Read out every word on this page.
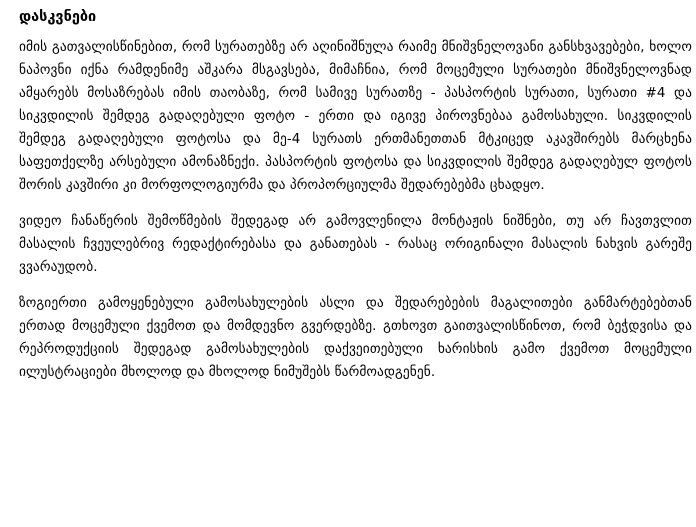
დასკვნები

იმის გათვალისწინებით, რომ სურათებზე არ აღინიშნულა რაიმე მნიშვნელოვანი განსხვავებები, ხოლო ნაპოვნი იქნა რამდენიმე აშკარა მსგავსება, მიმაჩნია, რომ მოცემული სურათები მნიშვნელოვნად ამყარებს მოსაზრებას იმის თაობაზე, რომ სამივე სურათზე - პასპორტის სურათი, სურათი #4 და სიკვდილის შემდეგ გადაღებული ფოტო - ერთი და იგივე პიროვნებაა გამოსახული. სიკვდილის შემდეგ გადაღებული ფოტოსა და მე-4 სურათს ერთმანეთთან მტკიცედ აკავშირებს მარცხენა საფეთქელზე არსებული ამონაზნექი. პასპორტის ფოტოსა და სიკვდილის შემდეგ გადაღებულ ფოტოს შორის კავშირი კი მორფოლოგიურმა და პროპორციულმა შედარებებმა ცხადყო.

ვიდეო ჩანაწერის შემოწმების შედეგად არ გამოვლენილა მონტაჟის ნიშნები, თუ არ ჩავთვლით მასალის ჩვეულებრივ რედაქტირებასა და განათებას - რასაც ორიგინალი მასალის ნახვის გარეშე ვვარაუდობ.

ზოგიერთი გამოყენებული გამოსახულების ასლი და შედარებების მაგალითები განმარტებებთან ერთად მოცემული ქვემოთ და მომდევნო გვერდებზე. გთხოვთ გაითვალისწინოთ, რომ ბეჭდვისა და რეპროდუქციის შედეგად გამოსახულების დაქვეითებული ხარისხის გამო ქვემოთ მოცემული ილუსტრაციები მხოლოდ და მხოლოდ ნიმუშებს წარმოადგენენ.
